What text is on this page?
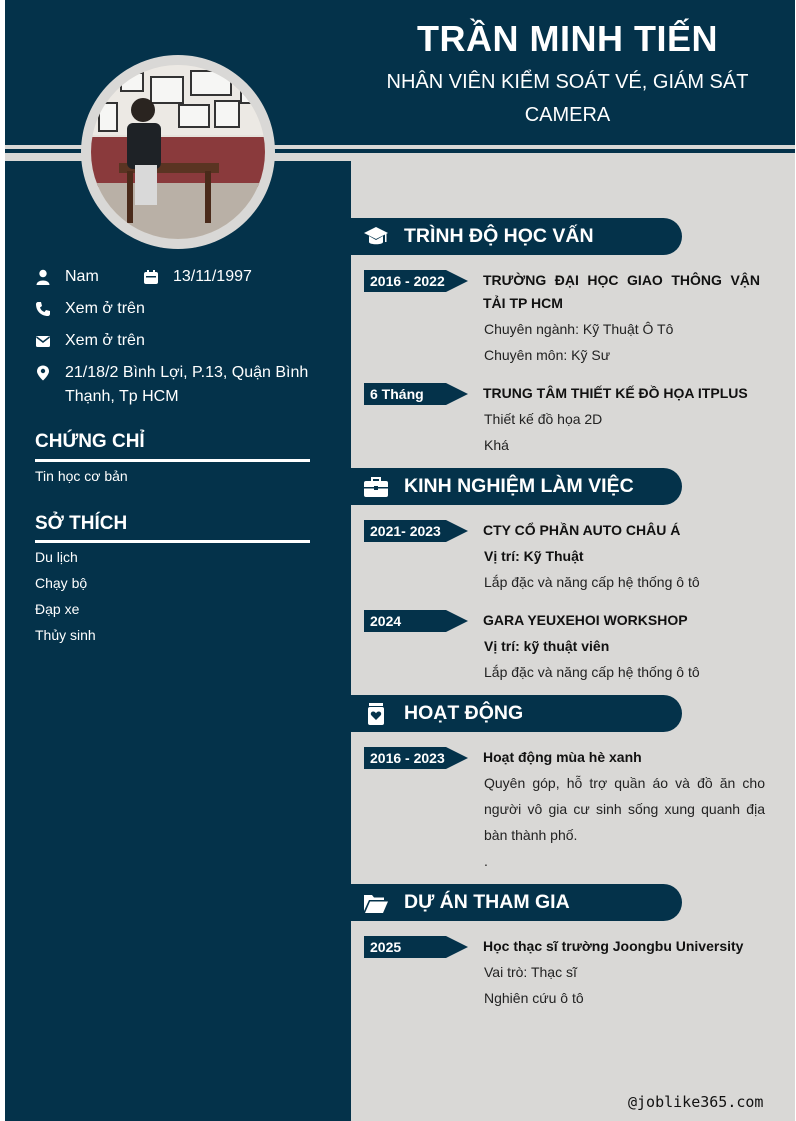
TRẦN MINH TIẾN
NHÂN VIÊN KIỂM SOÁT VÉ, GIÁM SÁT CAMERA
Nam	13/11/1997
Xem ở trên
Xem ở trên
21/18/2 Bình Lợi, P.13, Quận Bình Thạnh, Tp HCM
CHỨNG CHỈ
Tin học cơ bản
SỞ THÍCH
Du lịch
Chạy bộ
Đạp xe
Thủy sinh
TRÌNH ĐỘ HỌC VẤN
2016 - 2022	TRƯỜNG ĐẠI HỌC GIAO THÔNG VẬN TẢI TP HCM
Chuyên ngành: Kỹ Thuật Ô Tô
Chuyên môn: Kỹ Sư
6 Tháng	TRUNG TÂM THIẾT KẾ ĐỒ HỌA ITPLUS
Thiết kế đồ họa 2D
Khá
KINH NGHIỆM LÀM VIỆC
2021- 2023	CTY CỔ PHẦN AUTO CHÂU Á
Vị trí: Kỹ Thuật
Lắp đặc và năng cấp hệ thống ô tô
2024	GARA YEUXEHOI WORKSHOP
Vị trí: kỹ thuật viên
Lắp đặc và năng cấp hệ thống ô tô
HOẠT ĐỘNG
2016 - 2023	Hoạt động mùa hè xanh
Quyên góp, hỗ trợ quần áo và đồ ăn cho người vô gia cư sinh sống xung quanh địa bàn thành phố.
.
DỰ ÁN THAM GIA
2025	Học thạc sĩ trường Joongbu University
Vai trò: Thạc sĩ
Nghiên cứu ô tô
@joblike365.com
